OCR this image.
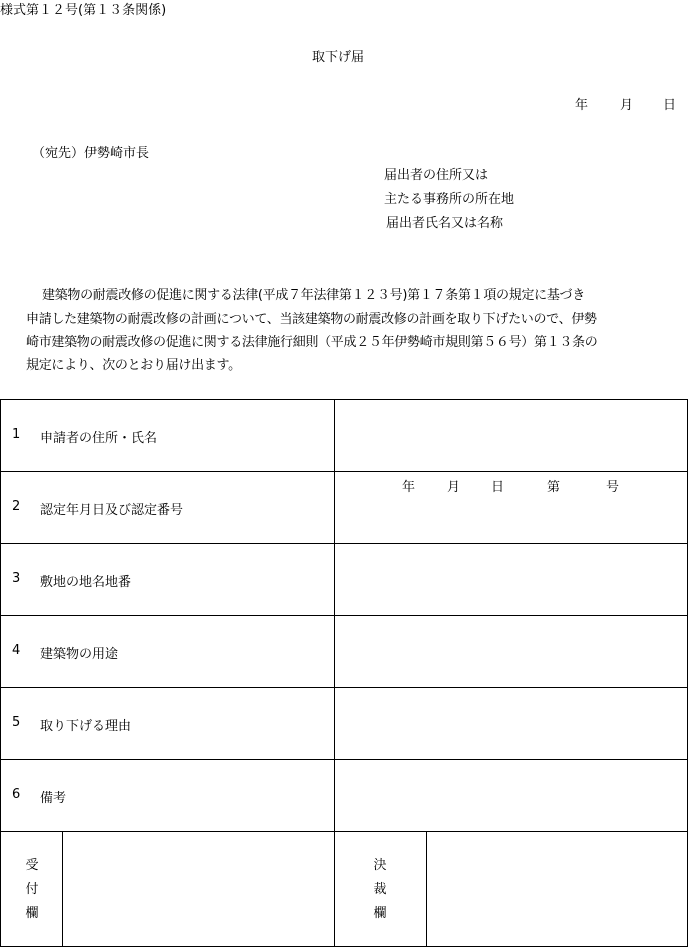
様式第１２号(第１３条関係)
取下げ届
年 月 日
（宛先）伊勢崎市長
届出者の住所又は
主たる事務所の所在地
届出者氏名又は名称
建築物の耐震改修の促進に関する法律(平成７年法律第１２３号)第１７条第１項の規定に基づき
申請した建築物の耐震改修の計画について、当該建築物の耐震改修の計画を取り下げたいので、伊勢
崎市建築物の耐震改修の促進に関する法律施行細則（平成２５年伊勢崎市規則第５６号）第１３条の
規定により、次のとおり届け出ます。
1 申請者の住所・氏名
2 認定年月日及び認定番号
年 月 日	第	号
3 敷地の地名地番
4 建築物の用途
5 取り下げる理由
6 備考
受
付
欄
決
裁
欄
